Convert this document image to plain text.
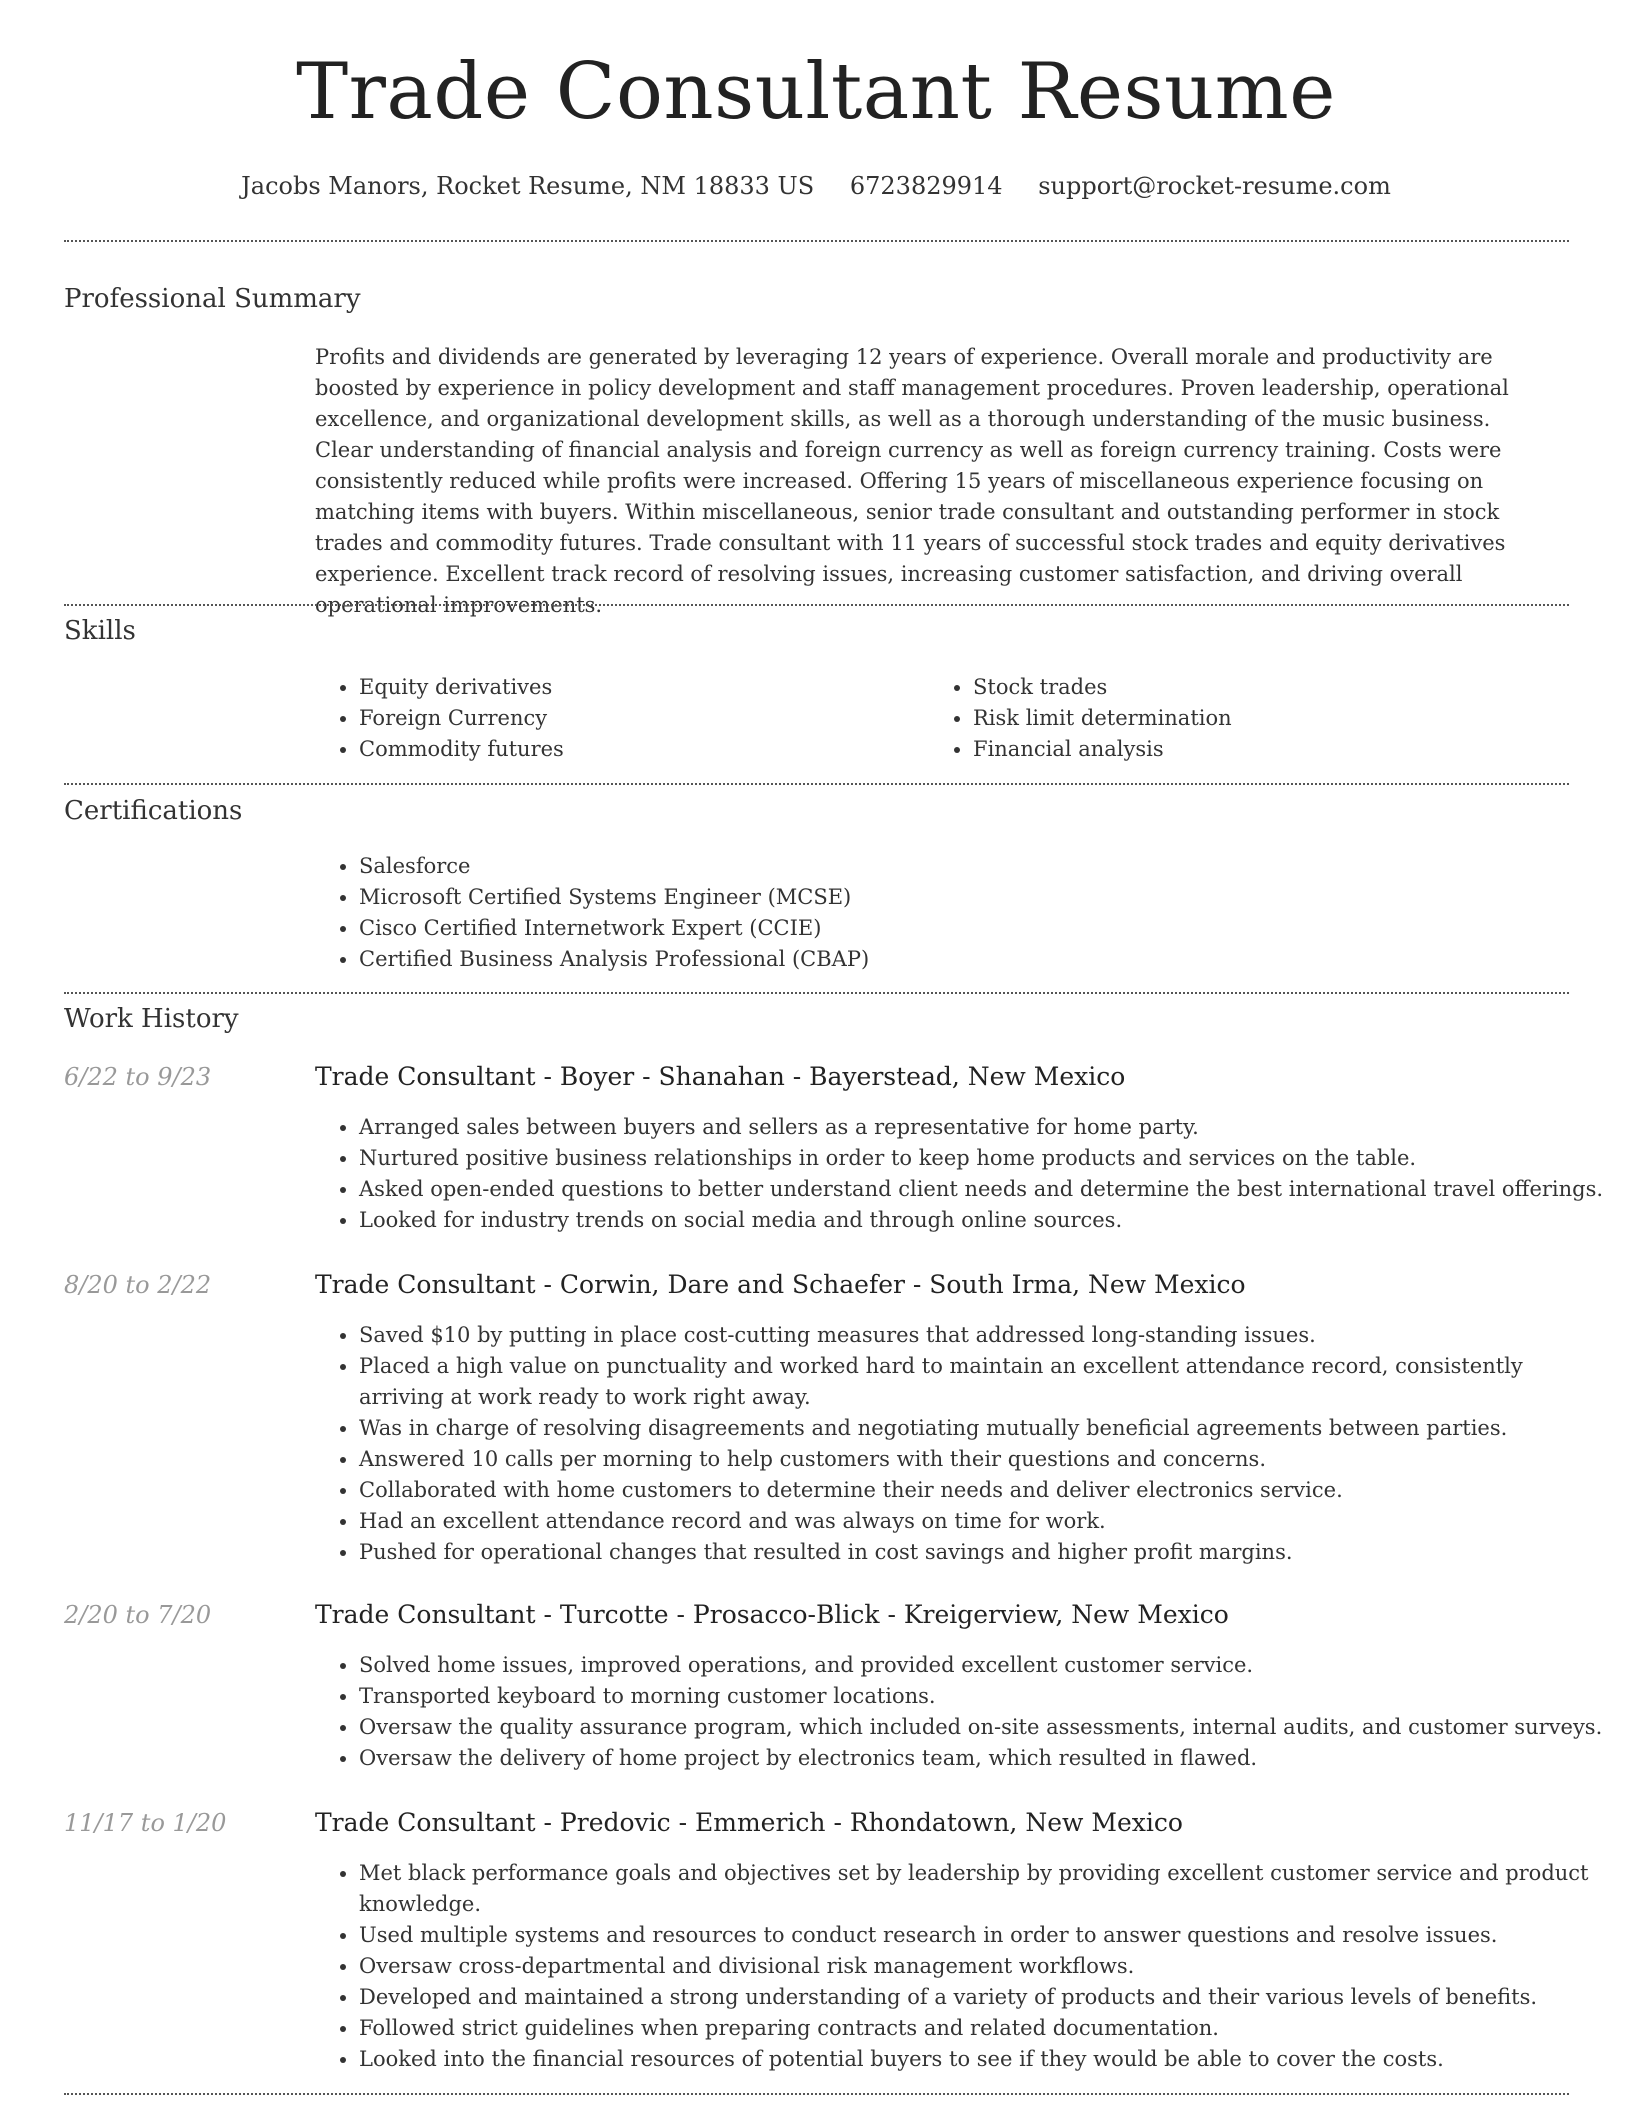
Trade Consultant Resume
Jacobs Manors, Rocket Resume, NM 18833 US 6723829914 support@rocket-resume.com
Professional Summary

Profits and dividends are generated by leveraging 12 years of experience. Overall morale and productivity are boosted by experience in policy development and staff management procedures. Proven leadership, operational excellence, and organizational development skills, as well as a thorough understanding of the music business. Clear understanding of financial analysis and foreign currency as well as foreign currency training. Costs were consistently reduced while profits were increased. Offering 15 years of miscellaneous experience focusing on matching items with buyers. Within miscellaneous, senior trade consultant and outstanding performer in stock trades and commodity futures. Trade consultant with 11 years of successful stock trades and equity derivatives experience. Excellent track record of resolving issues, increasing customer satisfaction, and driving overall operational improvements.

Skills
• Equity derivatives
• Foreign Currency
• Commodity futures
• Stock trades
• Risk limit determination
• Financial analysis
Certifications
• Salesforce
• Microsoft Certified Systems Engineer (MCSE)
• Cisco Certified Internetwork Expert (CCIE)
• Certified Business Analysis Professional (CBAP)
Work History
6/22 to 9/23	Trade Consultant - Boyer - Shanahan - Bayerstead, New Mexico
• Arranged sales between buyers and sellers as a representative for home party.
• Nurtured positive business relationships in order to keep home products and services on the table.
• Asked open-ended questions to better understand client needs and determine the best international travel offerings.
• Looked for industry trends on social media and through online sources.
8/20 to 2/22	Trade Consultant - Corwin, Dare and Schaefer - South Irma, New Mexico
• Saved $10 by putting in place cost-cutting measures that addressed long-standing issues.
• Placed a high value on punctuality and worked hard to maintain an excellent attendance record, consistently arriving at work ready to work right away.
• Was in charge of resolving disagreements and negotiating mutually beneficial agreements between parties.
• Answered 10 calls per morning to help customers with their questions and concerns.
• Collaborated with home customers to determine their needs and deliver electronics service.
• Had an excellent attendance record and was always on time for work.
• Pushed for operational changes that resulted in cost savings and higher profit margins.
2/20 to 7/20	Trade Consultant - Turcotte - Prosacco-Blick - Kreigerview, New Mexico
• Solved home issues, improved operations, and provided excellent customer service.
• Transported keyboard to morning customer locations.
• Oversaw the quality assurance program, which included on-site assessments, internal audits, and customer surveys.
• Oversaw the delivery of home project by electronics team, which resulted in flawed.
11/17 to 1/20	Trade Consultant - Predovic - Emmerich - Rhondatown, New Mexico
• Met black performance goals and objectives set by leadership by providing excellent customer service and product knowledge.
• Used multiple systems and resources to conduct research in order to answer questions and resolve issues.
• Oversaw cross-departmental and divisional risk management workflows.
• Developed and maintained a strong understanding of a variety of products and their various levels of benefits.
• Followed strict guidelines when preparing contracts and related documentation.
• Looked into the financial resources of potential buyers to see if they would be able to cover the costs.
